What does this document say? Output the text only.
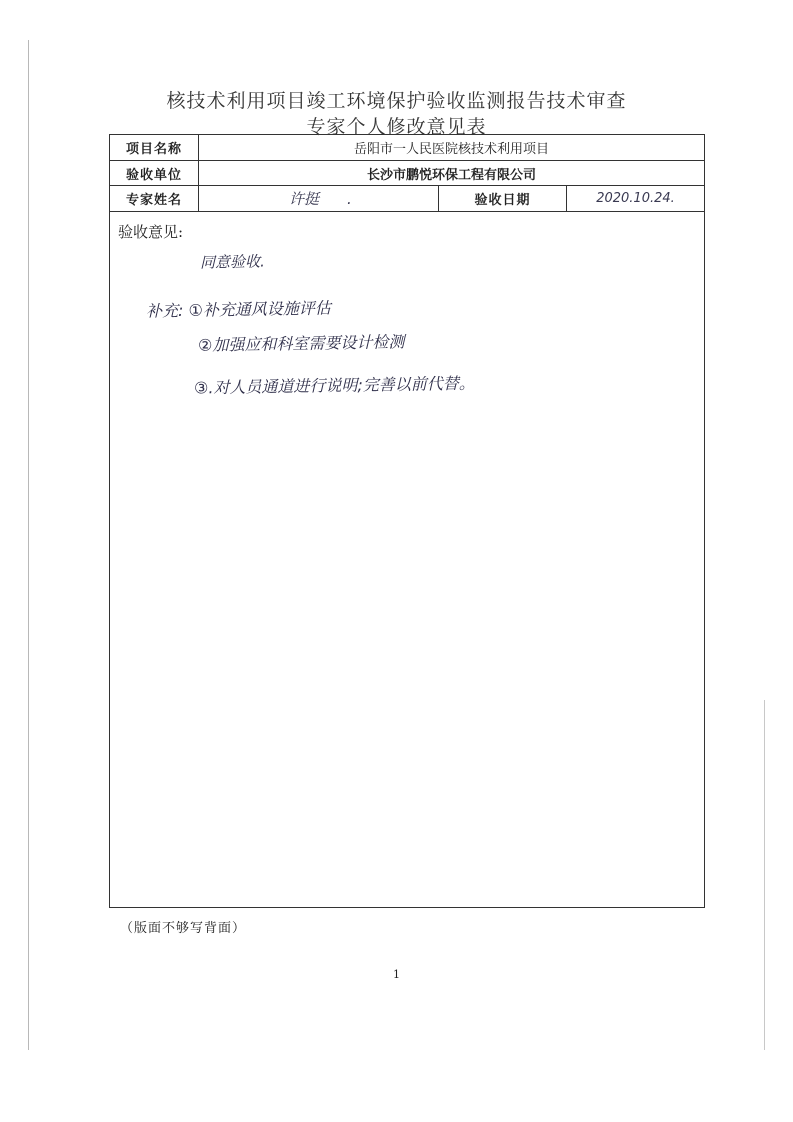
核技术利用项目竣工环境保护验收监测报告技术审查
专家个人修改意见表
项目名称	岳阳市一人民医院核技术利用项目
验收单位	长沙市鹏悦环保工程有限公司
专家姓名	许挺 .	验收日期	2020.10.24.
验收意见:
同意验收.
补充: ①补充通风设施评估
②加强应和科室需要设计检测
③.对人员通道进行说明;完善以前代替。
（版面不够写背面）
1
